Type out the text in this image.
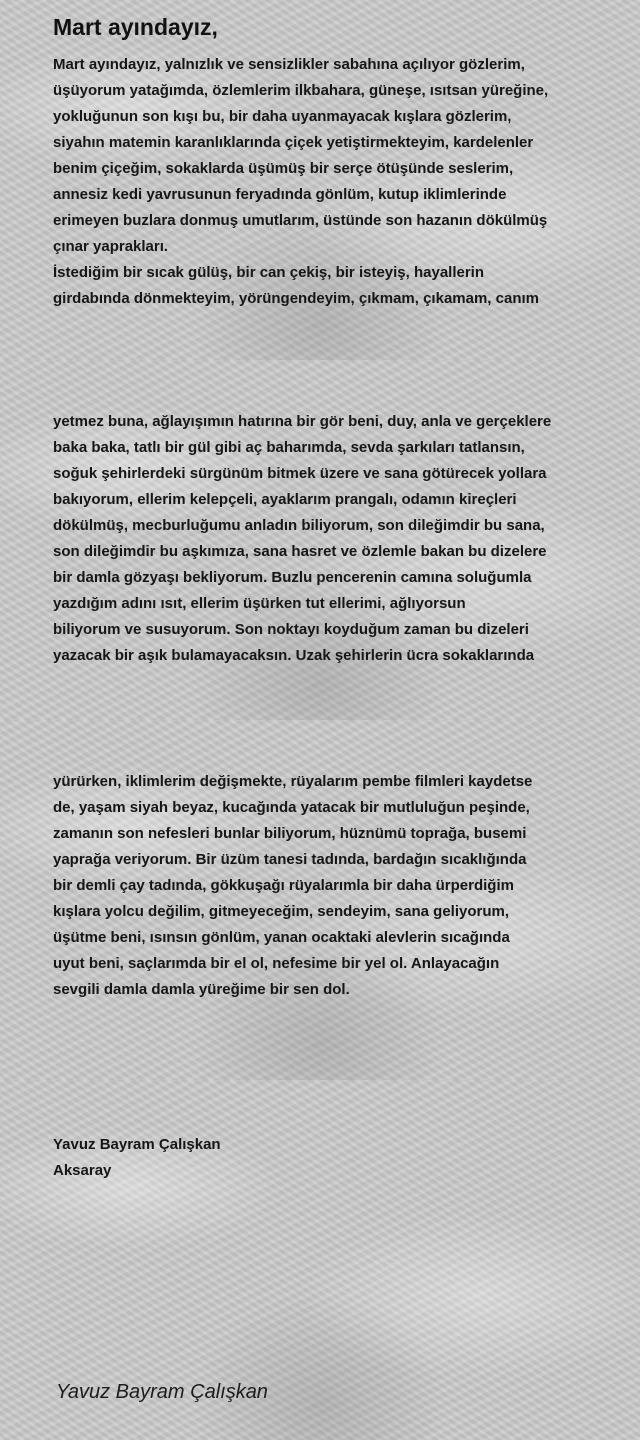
Mart ayındayız,

Mart ayındayız, yalnızlık ve sensizlikler sabahına açılıyor gözlerim,
üşüyorum yatağımda, özlemlerim ilkbahara, güneşe, ısıtsan yüreğine,
yokluğunun son kışı bu, bir daha uyanmayacak kışlara gözlerim,
siyahın matemin karanlıklarında çiçek yetiştirmekteyim, kardelenler
benim çiçeğim, sokaklarda üşümüş bir serçe ötüşünde seslerim,
annesiz kedi yavrusunun feryadında gönlüm, kutup iklimlerinde
erimeyen buzlara donmuş umutlarım, üstünde son hazanın dökülmüş
çınar yaprakları.
İstediğim bir sıcak gülüş, bir can çekiş, bir isteyiş, hayallerin
girdabında dönmekteyim, yörüngendeyim, çıkmam, çıkamam, canım

yetmez buna, ağlayışımın hatırına bir gör beni, duy, anla ve gerçeklere
baka baka, tatlı bir gül gibi aç baharımda, sevda şarkıları tatlansın,
soğuk şehirlerdeki sürgünüm bitmek üzere ve sana götürecek yollara
bakıyorum, ellerim kelepçeli, ayaklarım prangalı, odamın kireçleri
dökülmüş, mecburluğumu anladın biliyorum, son dileğimdir bu sana,
son dileğimdir bu aşkımıza, sana hasret ve özlemle bakan bu dizelere
bir damla gözyaşı bekliyorum. Buzlu pencerenin camına soluğumla
yazdığım adını ısıt, ellerim üşürken tut ellerimi, ağlıyorsun
biliyorum ve susuyorum. Son noktayı koyduğum zaman bu dizeleri
yazacak bir aşık bulamayacaksın. Uzak şehirlerin ücra sokaklarında

yürürken, iklimlerim değişmekte, rüyalarım pembe filmleri kaydetse
de, yaşam siyah beyaz, kucağında yatacak bir mutluluğun peşinde,
zamanın son nefesleri bunlar biliyorum, hüznümü toprağa, busemi
yaprağa veriyorum. Bir üzüm tanesi tadında, bardağın sıcaklığında
bir demli çay tadında, gökkuşağı rüyalarımla bir daha ürperdiğim
kışlara yolcu değilim, gitmeyeceğim, sendeyim, sana geliyorum,
üşütme beni, ısınsın gönlüm, yanan ocaktaki alevlerin sıcağında
uyut beni, saçlarımda bir el ol, nefesime bir yel ol. Anlayacağın
sevgili damla damla yüreğime bir sen dol.

Yavuz Bayram Çalışkan
Aksaray

Yavuz Bayram Çalışkan
